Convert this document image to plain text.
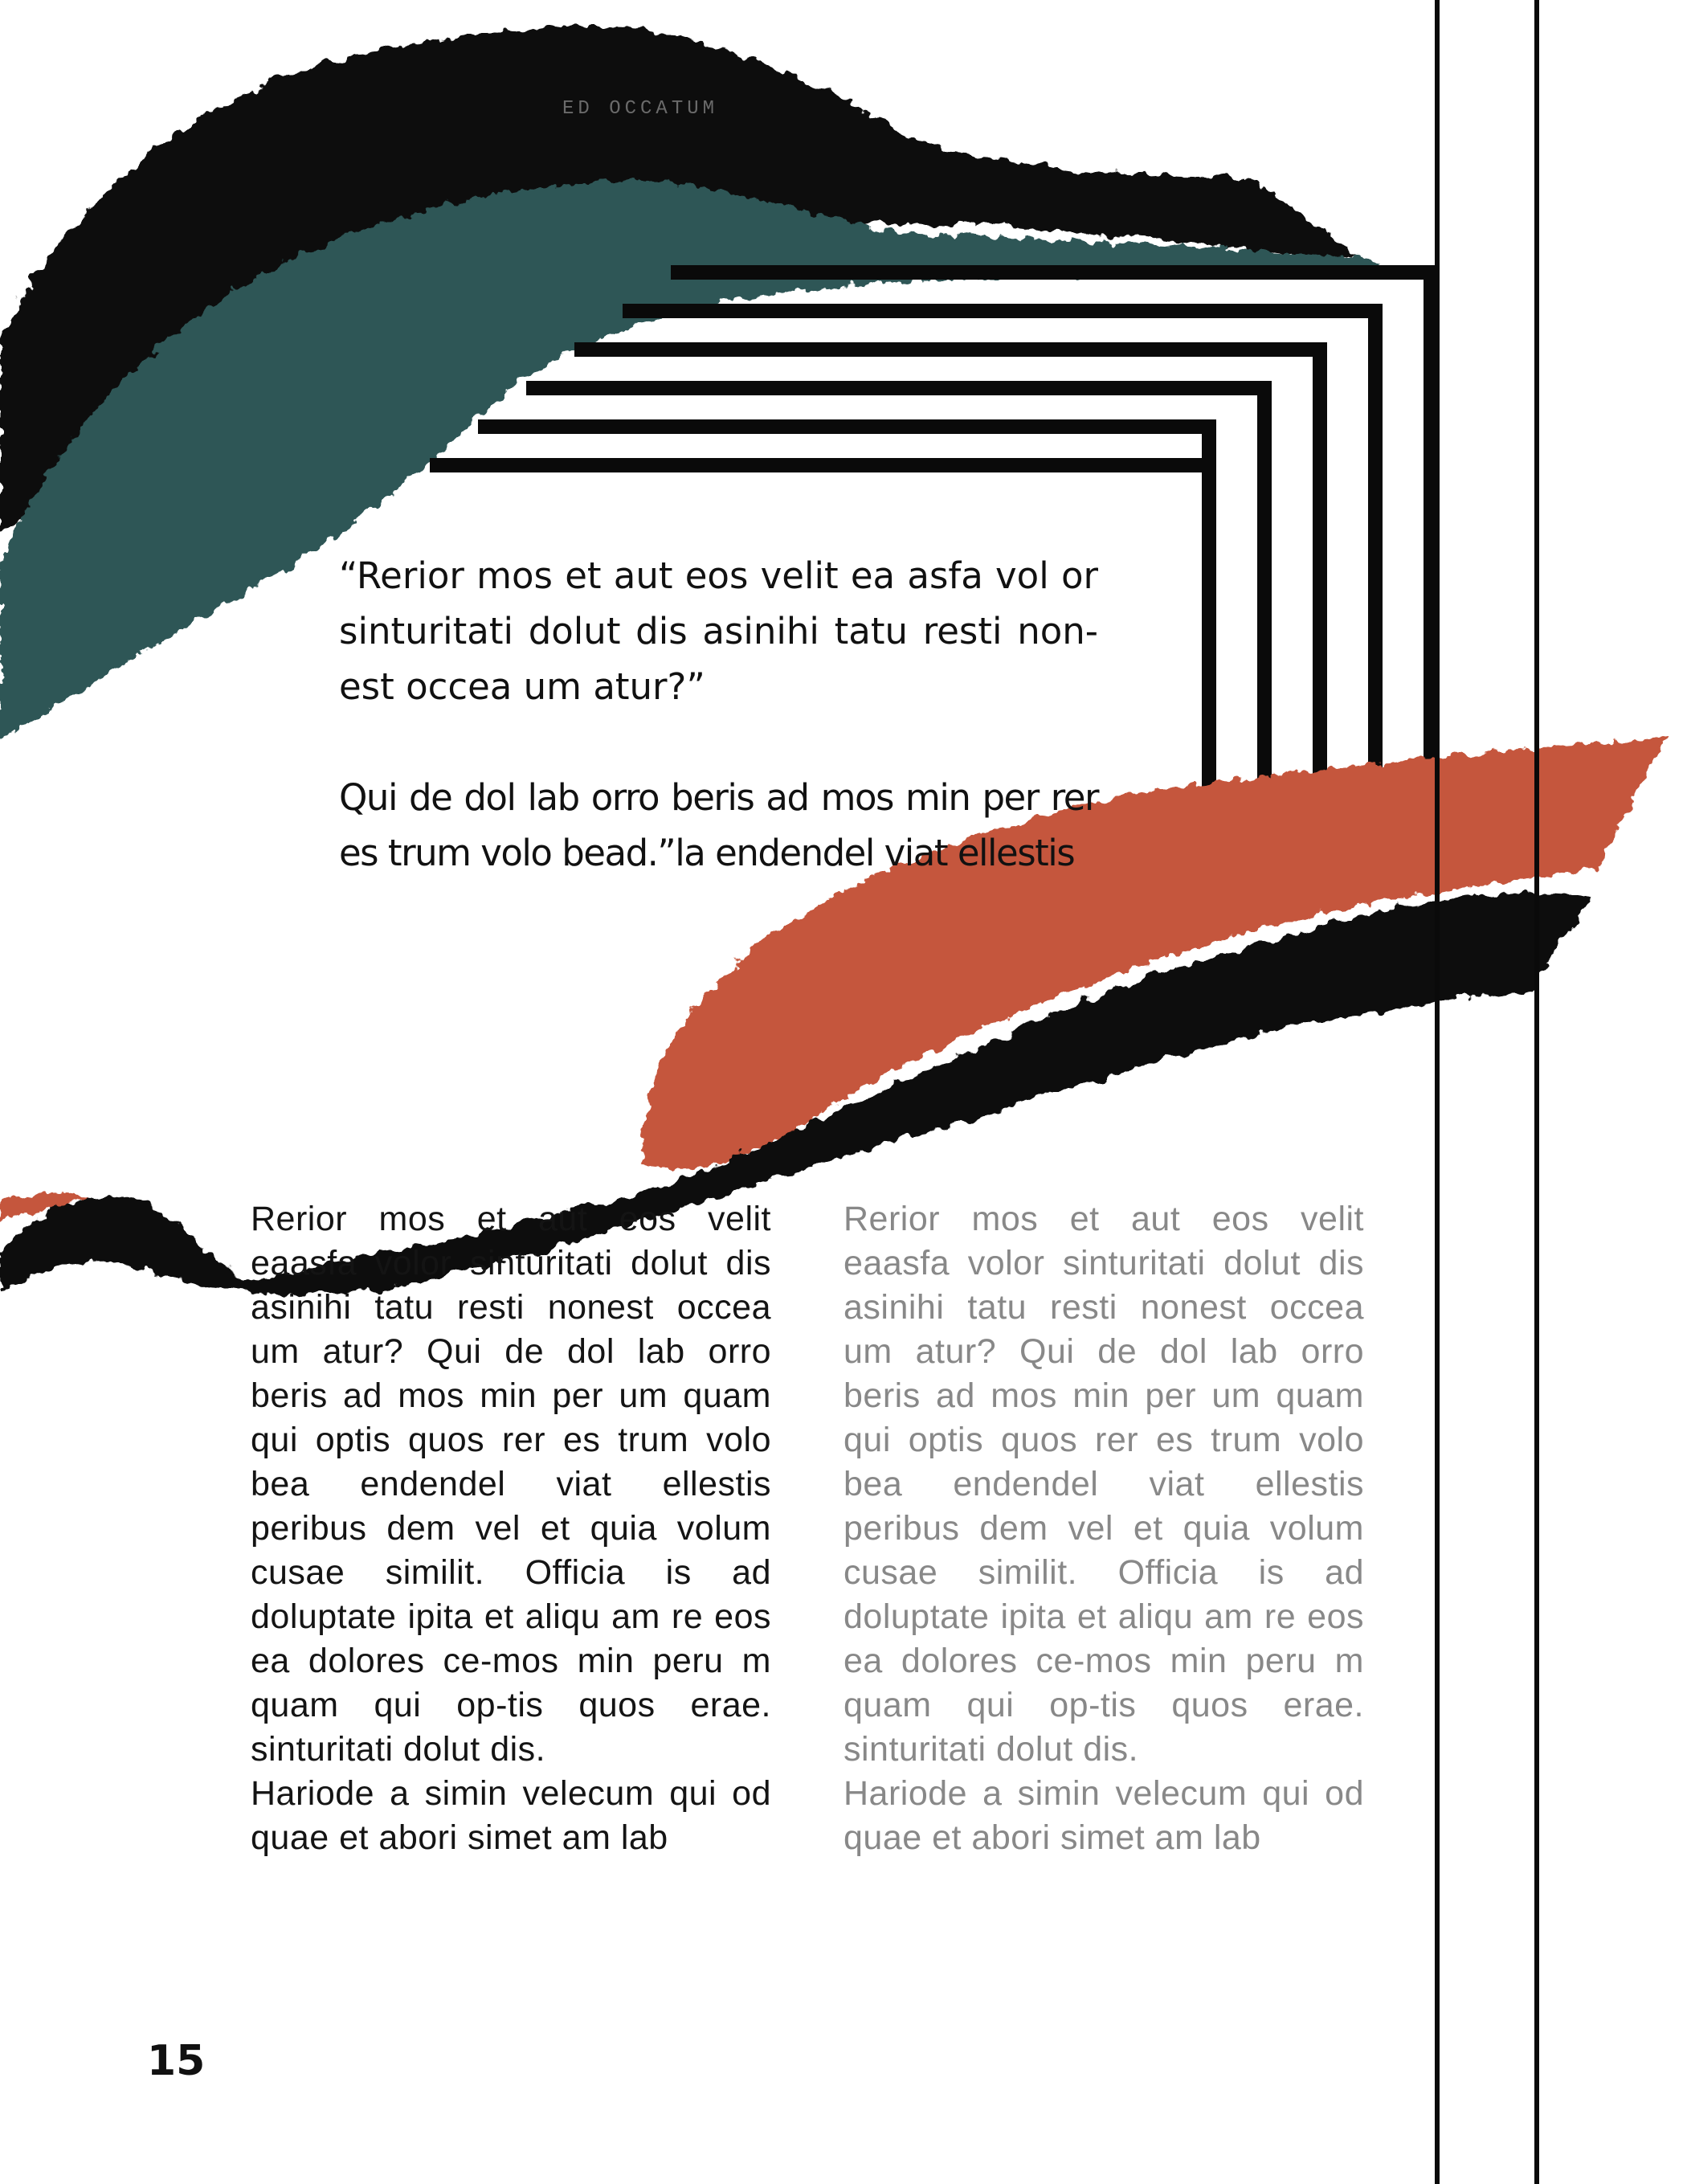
ED OCCATUM
“Rerior mos et aut eos velit ea asfa vol or sinturitati dolut dis asinihi tatu resti non-est occea um atur?”
Qui de dol lab orro beris ad mos min per rer es trum volo bead.”la endendel viat ellestis

Rerior mos et aut eos velit eaasfa volor sinturitati dolut dis asinihi tatu resti nonest occea um atur? Qui de dol lab orro beris ad mos min per um quam qui optis quos rer es trum volo bea endendel viat ellestis peribus dem vel et quia volum cusae similit. Officia is ad doluptate ipita et aliqu am re eos ea dolores ce-mos min peru m quam qui op-tis quos erae. sinturitati dolut dis.

Hariode a simin velecum qui od quae et abori simet am lab

Rerior mos et aut eos velit eaasfa volor sinturitati dolut dis asinihi tatu resti nonest occea um atur? Qui de dol lab orro beris ad mos min per um quam qui optis quos rer es trum volo bea endendel viat ellestis peribus dem vel et quia volum cusae similit. Officia is ad doluptate ipita et aliqu am re eos ea dolores ce-mos min peru m quam qui op-tis quos erae. sinturitati dolut dis.

Hariode a simin velecum qui od quae et abori simet am lab

15
